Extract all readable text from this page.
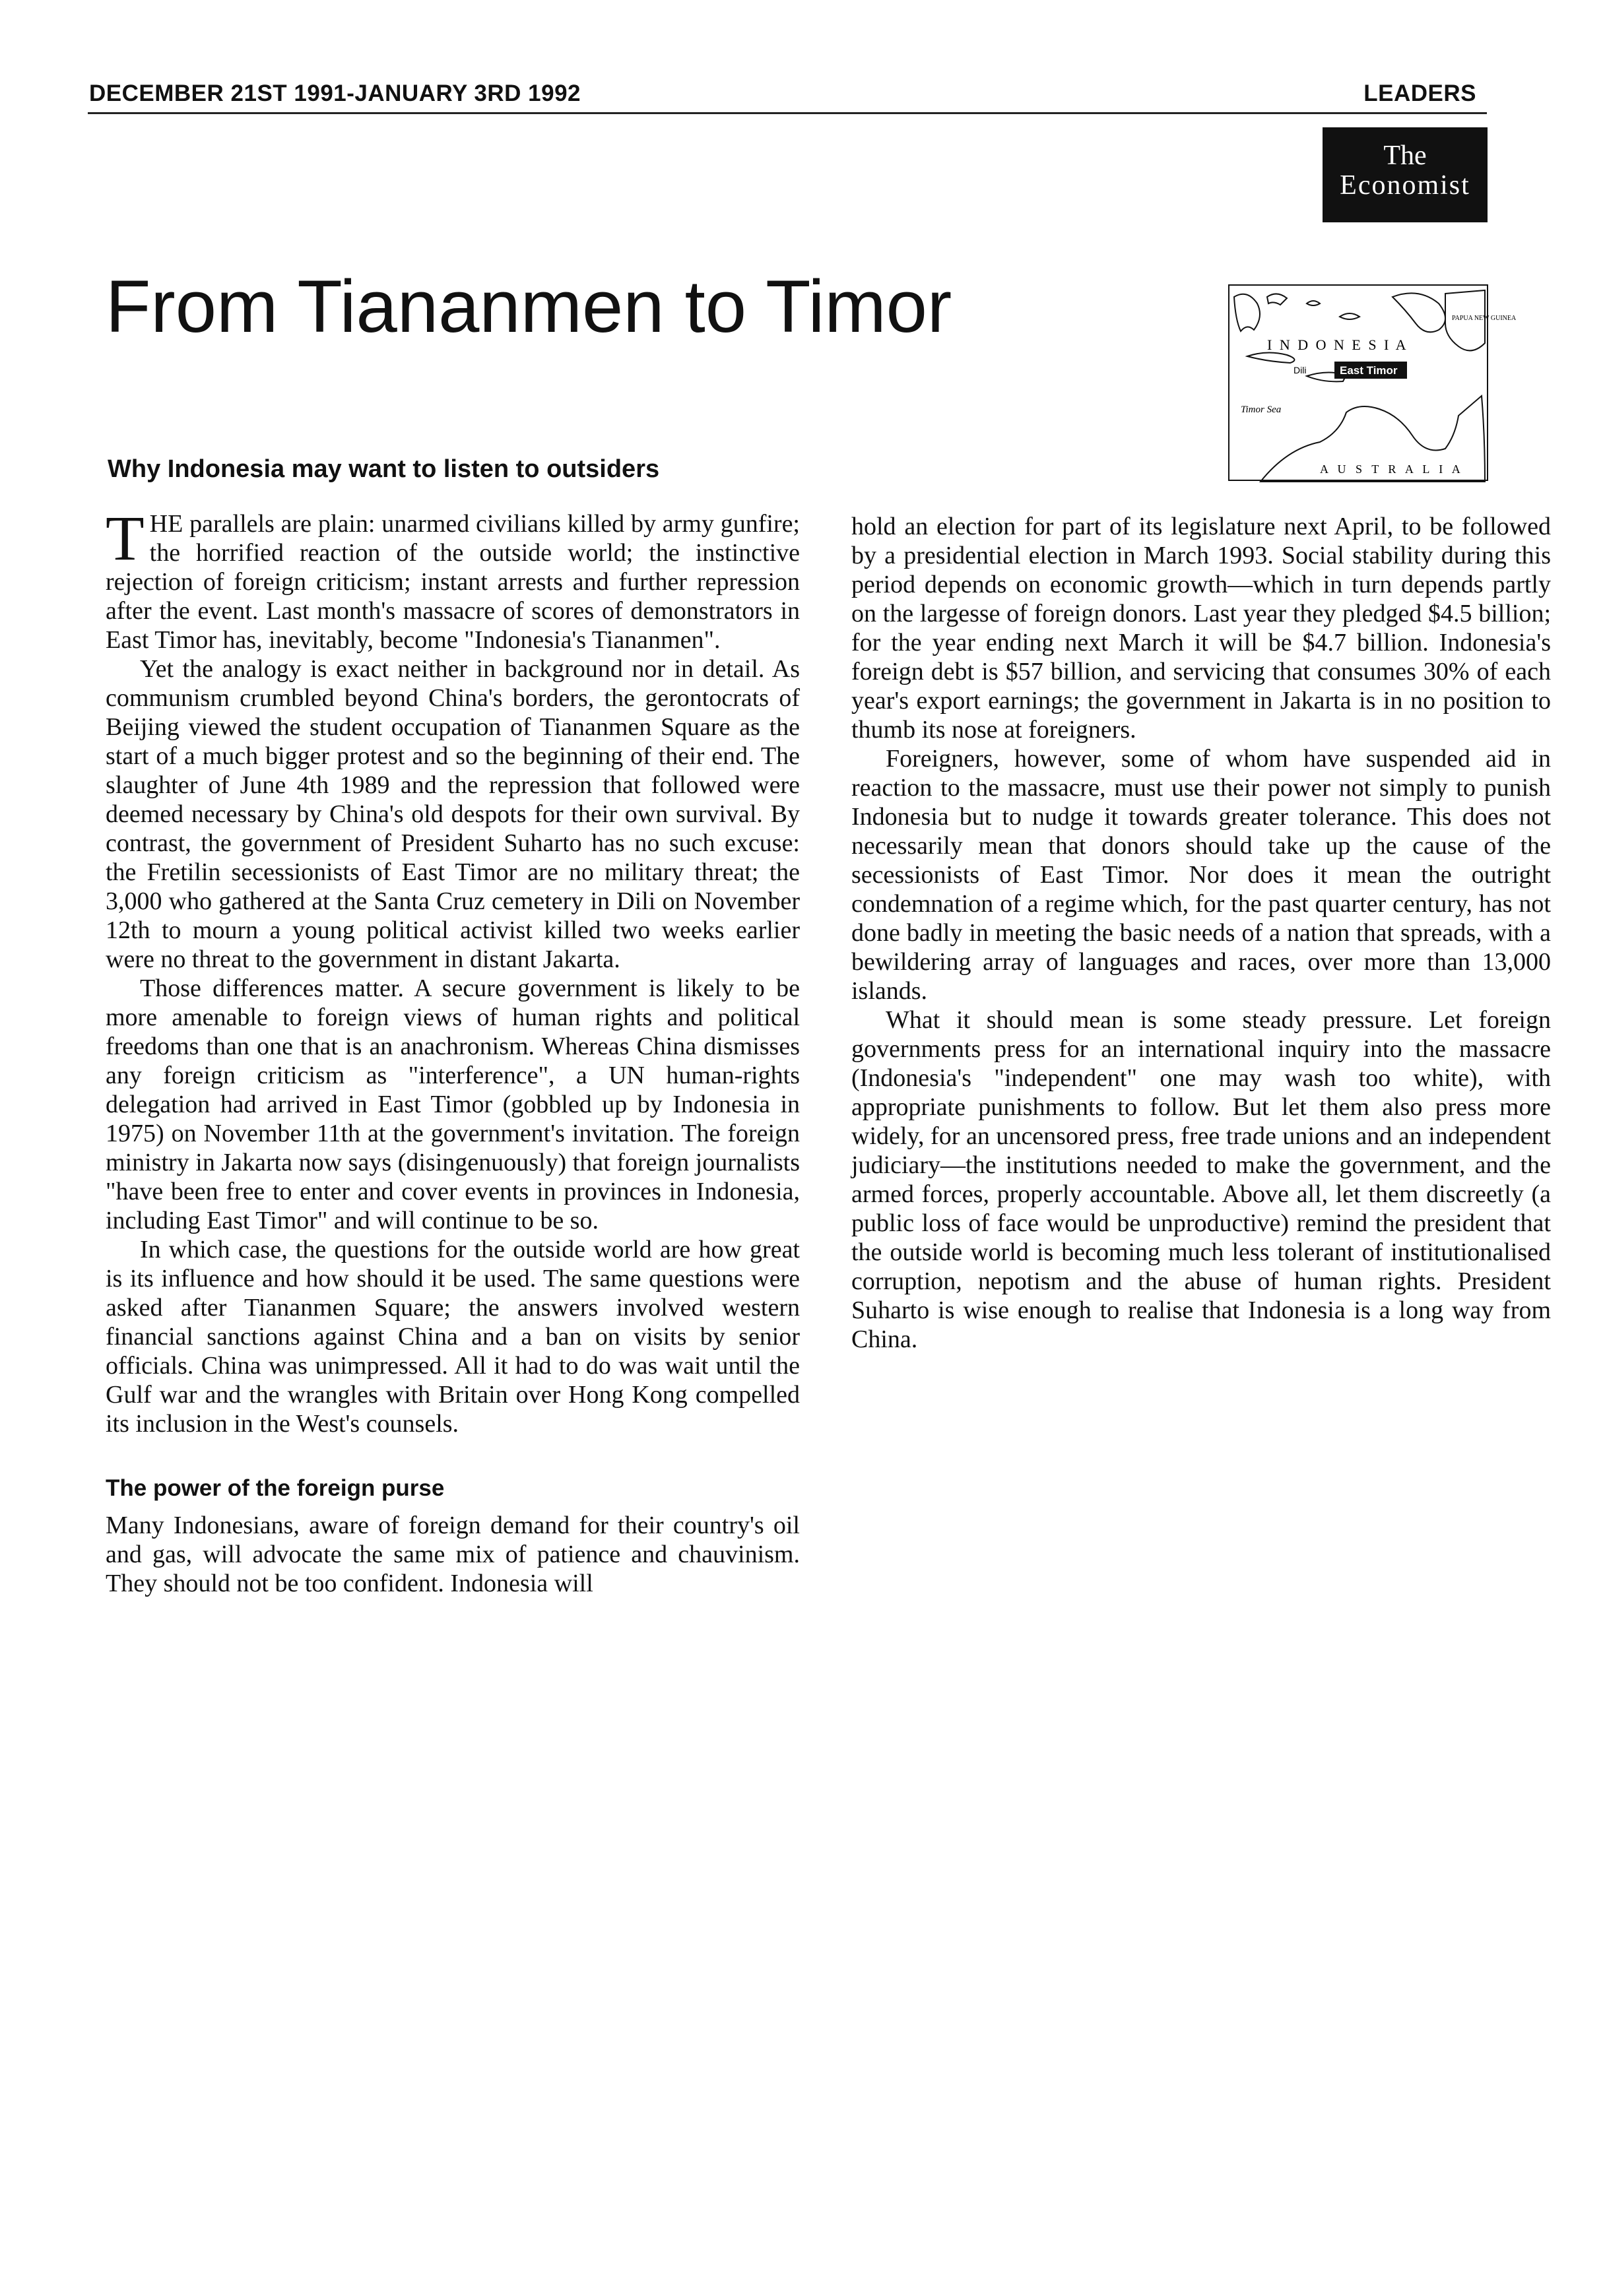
DECEMBER 21ST 1991-JANUARY 3RD 1992	LEADERS
The
Economist
From Tiananmen to Timor
Why Indonesia may want to listen to outsiders
I N D O N E S I A
PAPUA NEW GUINEA
Dili	East Timor
Timor Sea
A U S T R A L I A

THE parallels are plain: unarmed civilians killed by army gunfire; the horrified reaction of the outside world; the instinctive rejection of foreign criticism; instant arrests and further repression after the event. Last month's massacre of scores of demonstrators in East Timor has, inevitably, become "Indonesia's Tiananmen".

Yet the analogy is exact neither in background nor in detail. As communism crumbled beyond China's borders, the gerontocrats of Beijing viewed the student occupation of Tiananmen Square as the start of a much bigger protest and so the beginning of their end. The slaughter of June 4th 1989 and the repression that followed were deemed necessary by China's old despots for their own survival. By contrast, the government of President Suharto has no such excuse: the Fretilin secessionists of East Timor are no military threat; the 3,000 who gathered at the Santa Cruz cemetery in Dili on November 12th to mourn a young political activist killed two weeks earlier were no threat to the government in distant Jakarta.

Those differences matter. A secure government is likely to be more amenable to foreign views of human rights and political freedoms than one that is an anachronism. Whereas China dismisses any foreign criticism as "interference", a UN human-rights delegation had arrived in East Timor (gobbled up by Indonesia in 1975) on November 11th at the government's invitation. The foreign ministry in Jakarta now says (disingenuously) that foreign journalists "have been free to enter and cover events in provinces in Indonesia, including East Timor" and will continue to be so.

In which case, the questions for the outside world are how great is its influence and how should it be used. The same questions were asked after Tiananmen Square; the answers involved western financial sanctions against China and a ban on visits by senior officials. China was unimpressed. All it had to do was wait until the Gulf war and the wrangles with Britain over Hong Kong compelled its inclusion in the West's counsels.

The power of the foreign purse

Many Indonesians, aware of foreign demand for their country's oil and gas, will advocate the same mix of patience and chauvinism. They should not be too confident. Indonesia will

hold an election for part of its legislature next April, to be followed by a presidential election in March 1993. Social stability during this period depends on economic growth—which in turn depends partly on the largesse of foreign donors. Last year they pledged $4.5 billion; for the year ending next March it will be $4.7 billion. Indonesia's foreign debt is $57 billion, and servicing that consumes 30% of each year's export earnings; the government in Jakarta is in no position to thumb its nose at foreigners.

Foreigners, however, some of whom have suspended aid in reaction to the massacre, must use their power not simply to punish Indonesia but to nudge it towards greater tolerance. This does not necessarily mean that donors should take up the cause of the secessionists of East Timor. Nor does it mean the outright condemnation of a regime which, for the past quarter century, has not done badly in meeting the basic needs of a nation that spreads, with a bewildering array of languages and races, over more than 13,000 islands.

What it should mean is some steady pressure. Let foreign governments press for an international inquiry into the massacre (Indonesia's "independent" one may wash too white), with appropriate punishments to follow. But let them also press more widely, for an uncensored press, free trade unions and an independent judiciary—the institutions needed to make the government, and the armed forces, properly accountable. Above all, let them discreetly (a public loss of face would be unproductive) remind the president that the outside world is becoming much less tolerant of institutionalised corruption, nepotism and the abuse of human rights. President Suharto is wise enough to realise that Indonesia is a long way from China.
